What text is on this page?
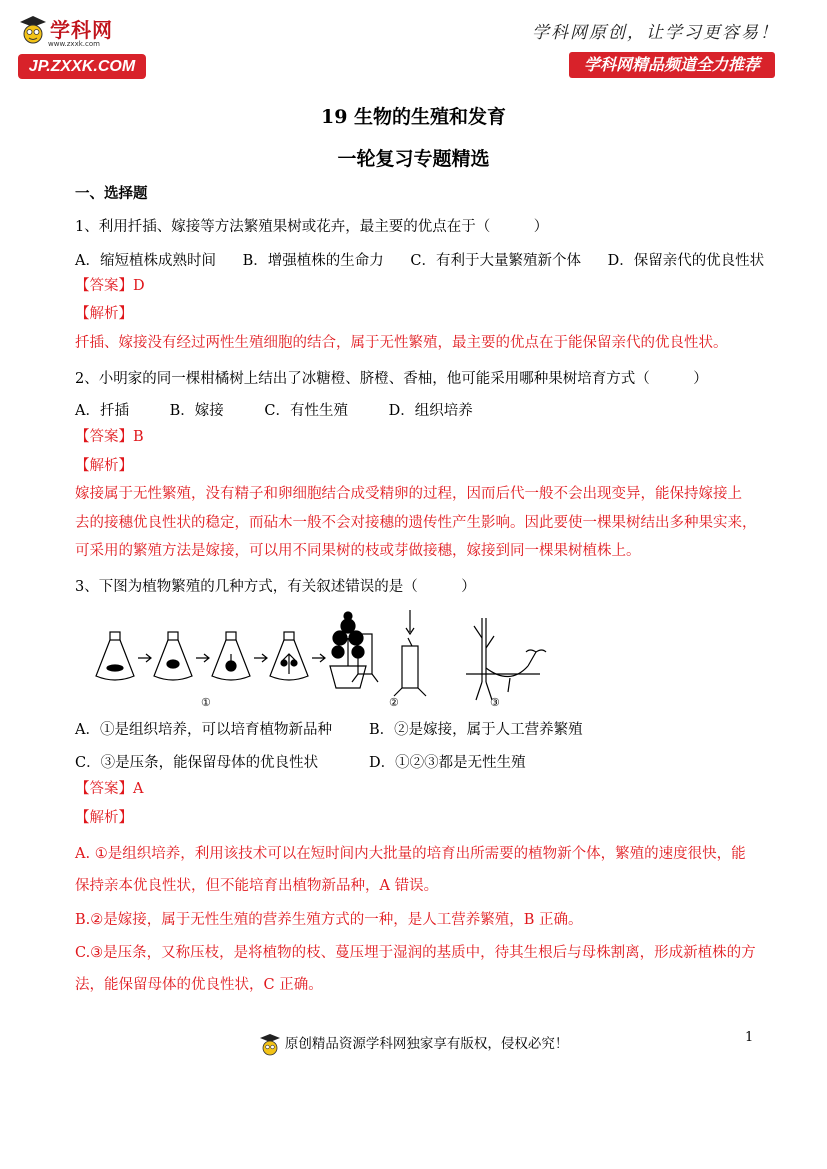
学科网
www.zxxk.com
JP.ZXXK.COM
学科网原创，让学习更容易！
学科网精品频道全力推荐
19 生物的生殖和发育
一轮复习专题精选
一、选择题
1、利用扦插、嫁接等方法繁殖果树或花卉，最主要的优点在于（　　　）
A．缩短植株成熟时间 B．增强植株的生命力 C．有利于大量繁殖新个体 D．保留亲代的优良性状
【答案】D
【解析】
扦插、嫁接没有经过两性生殖细胞的结合，属于无性繁殖，最主要的优点在于能保留亲代的优良性状。
2、小明家的同一棵柑橘树上结出了冰糖橙、脐橙、香柚，他可能采用哪种果树培育方式（　　　）
A．扦插	B．嫁接	C．有性生殖	D．组织培养
【答案】B
【解析】
嫁接属于无性繁殖，没有精子和卵细胞结合成受精卵的过程，因而后代一般不会出现变异，能保持嫁接上
去的接穗优良性状的稳定，而砧木一般不会对接穗的遗传性产生影响。因此要使一棵果树结出多种果实来，
可采用的繁殖方法是嫁接，可以用不同果树的枝或芽做接穗，嫁接到同一棵果树植株上。
3、下图为植物繁殖的几种方式，有关叙述错误的是（　　　）
①	②	③
A．①是组织培养，可以培育植物新品种	B．②是嫁接，属于人工营养繁殖
C．③是压条，能保留母体的优良性状	D．①②③都是无性生殖
【答案】A
【解析】
A. ①是组织培养，利用该技术可以在短时间内大批量的培育出所需要的植物新个体，繁殖的速度很快，能
保持亲本优良性状，但不能培育出植物新品种，A 错误。
B.②是嫁接，属于无性生殖的营养生殖方式的一种，是人工营养繁殖，B 正确。
C.③是压条，又称压枝，是将植物的枝、蔓压埋于湿润的基质中，待其生根后与母株割离，形成新植株的方
法，能保留母体的优良性状，C 正确。
原创精品资源学科网独家享有版权，侵权必究！	1
